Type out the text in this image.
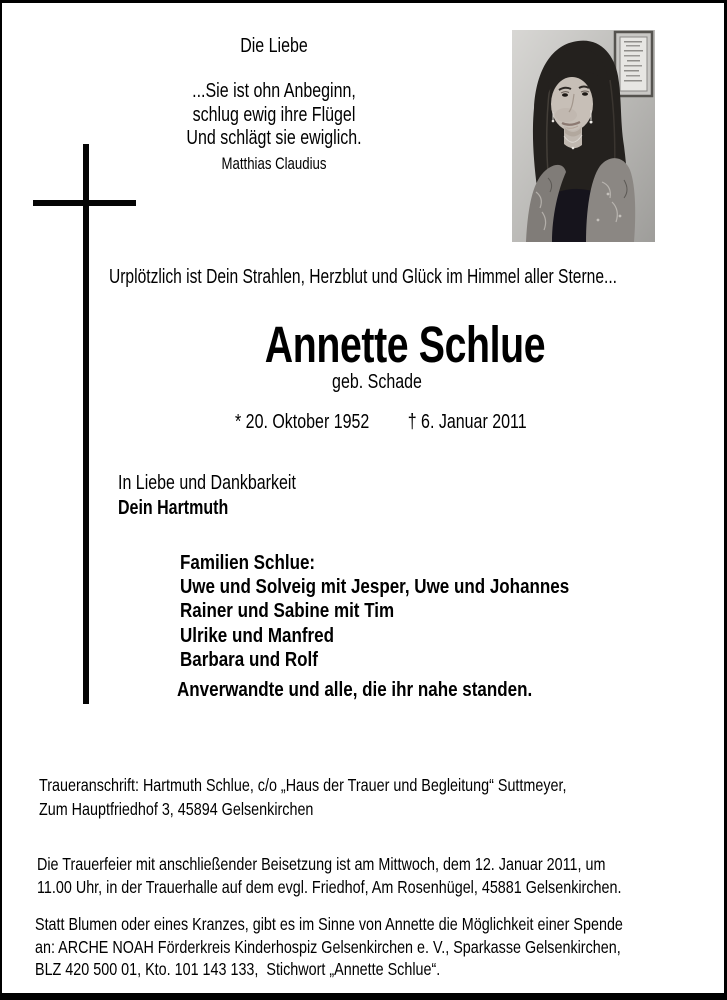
Die Liebe
...Sie ist ohn Anbeginn,
schlug ewig ihre Flügel
Und schlägt sie ewiglich.
Matthias Claudius
Urplötzlich ist Dein Strahlen, Herzblut und Glück im Himmel aller Sterne...
Annette Schlue
geb. Schade
* 20. Oktober 1952 † 6. Januar 2011
In Liebe und Dankbarkeit
Dein Hartmuth
Familien Schlue:
Uwe und Solveig mit Jesper, Uwe und Johannes
Rainer und Sabine mit Tim
Ulrike und Manfred
Barbara und Rolf
Anverwandte und alle, die ihr nahe standen.
Traueranschrift: Hartmuth Schlue, c/o „Haus der Trauer und Begleitung“ Suttmeyer,
Zum Hauptfriedhof 3, 45894 Gelsenkirchen
Die Trauerfeier mit anschließender Beisetzung ist am Mittwoch, dem 12. Januar 2011, um
11.00 Uhr, in der Trauerhalle auf dem evgl. Friedhof, Am Rosenhügel, 45881 Gelsenkirchen.
Statt Blumen oder eines Kranzes, gibt es im Sinne von Annette die Möglichkeit einer Spende
an: ARCHE NOAH Förderkreis Kinderhospiz Gelsenkirchen e. V., Sparkasse Gelsenkirchen,
BLZ 420 500 01, Kto. 101 143 133,  Stichwort „Annette Schlue“.
